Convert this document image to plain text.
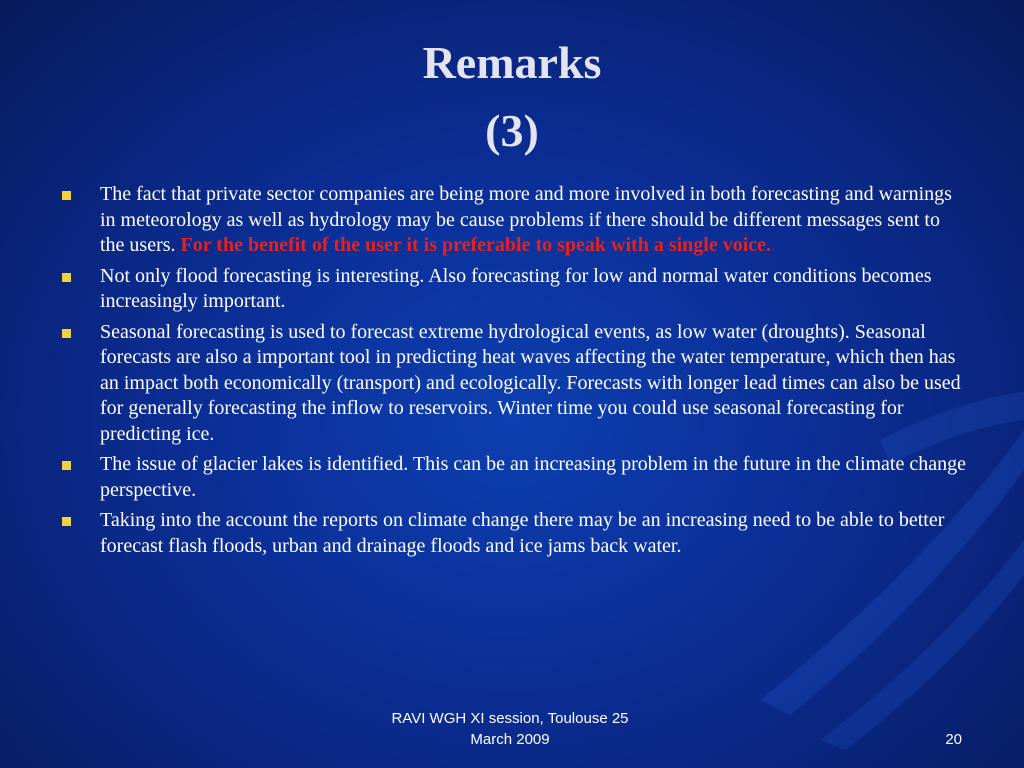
Remarks
(3)
The fact that private sector companies are being more and more involved in both forecasting and warnings in meteorology as well as hydrology may be cause problems if there should be different messages sent to the users. For the benefit of the user it is preferable to speak with a single voice.
Not only flood forecasting is interesting. Also forecasting for low and normal water conditions becomes increasingly important.
Seasonal forecasting is used to forecast extreme hydrological events, as low water (droughts). Seasonal forecasts are also a important tool in predicting heat waves affecting the water temperature, which then has an impact both economically (transport) and ecologically. Forecasts with longer lead times can also be used for generally forecasting the inflow to reservoirs. Winter time you could use seasonal forecasting for predicting ice.
The issue of glacier lakes is identified. This can be an increasing problem in the future in the climate change perspective.
Taking into the account the reports on climate change there may be an increasing need to be able to better forecast flash floods, urban and drainage floods and ice jams back water.
RAVI WGH XI session, Toulouse 25
March 2009	20
